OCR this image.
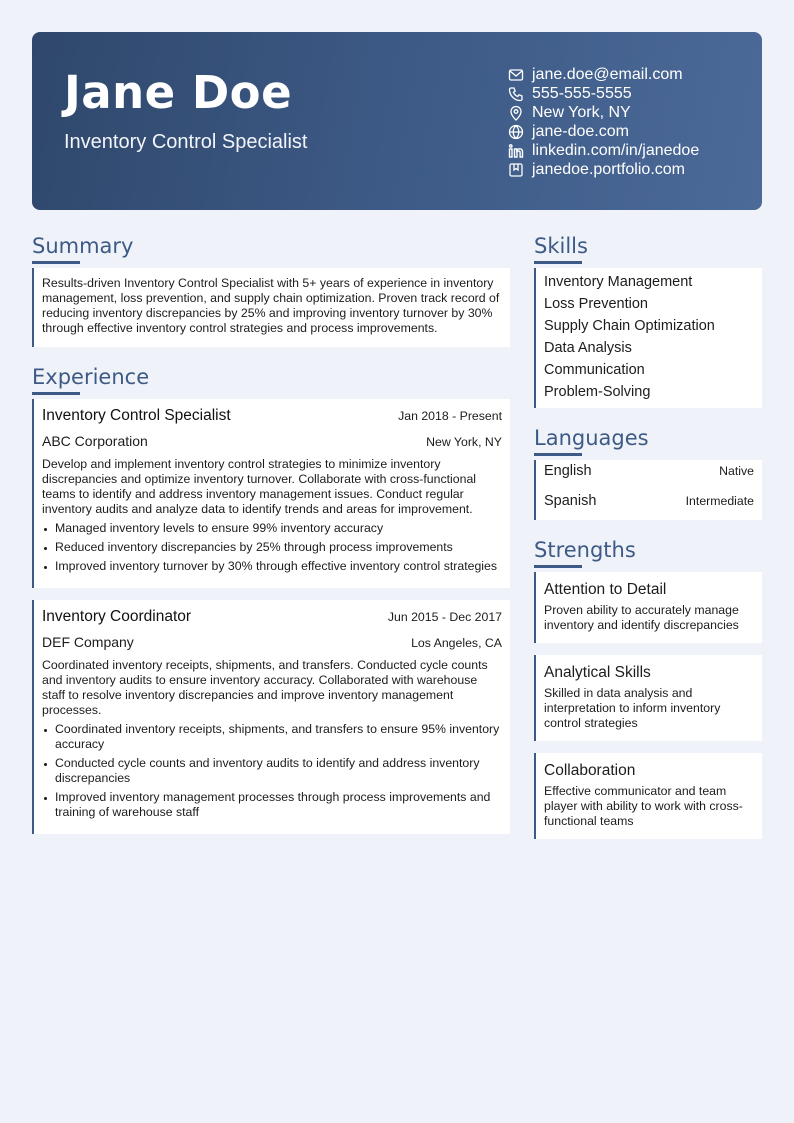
Jane Doe
Inventory Control Specialist
jane.doe@email.com
555-555-5555
New York, NY
jane-doe.com
linkedin.com/in/janedoe
janedoe.portfolio.com
Summary

Results-driven Inventory Control Specialist with 5+ years of experience in inventory management, loss prevention, and supply chain optimization. Proven track record of reducing inventory discrepancies by 25% and improving inventory turnover by 30% through effective inventory control strategies and process improvements.

Experience
Inventory Control Specialist	Jan 2018 - Present
ABC Corporation	New York, NY

Develop and implement inventory control strategies to minimize inventory discrepancies and optimize inventory turnover. Collaborate with cross-functional teams to identify and address inventory management issues. Conduct regular inventory audits and analyze data to identify trends and areas for improvement.

Managed inventory levels to ensure 99% inventory accuracy
Reduced inventory discrepancies by 25% through process improvements
Improved inventory turnover by 30% through effective inventory control strategies
Inventory Coordinator	Jun 2015 - Dec 2017
DEF Company	Los Angeles, CA

Coordinated inventory receipts, shipments, and transfers. Conducted cycle counts and inventory audits to ensure inventory accuracy. Collaborated with warehouse staff to resolve inventory discrepancies and improve inventory management processes.

Coordinated inventory receipts, shipments, and transfers to ensure 95% inventory accuracy
Conducted cycle counts and inventory audits to identify and address inventory discrepancies
Improved inventory management processes through process improvements and training of warehouse staff
Skills
Inventory Management
Loss Prevention
Supply Chain Optimization
Data Analysis
Communication
Problem-Solving
Languages
English	Native
Spanish	Intermediate
Strengths
Attention to Detail

Proven ability to accurately manage inventory and identify discrepancies

Analytical Skills

Skilled in data analysis and interpretation to inform inventory control strategies

Collaboration

Effective communicator and team player with ability to work with cross-functional teams
